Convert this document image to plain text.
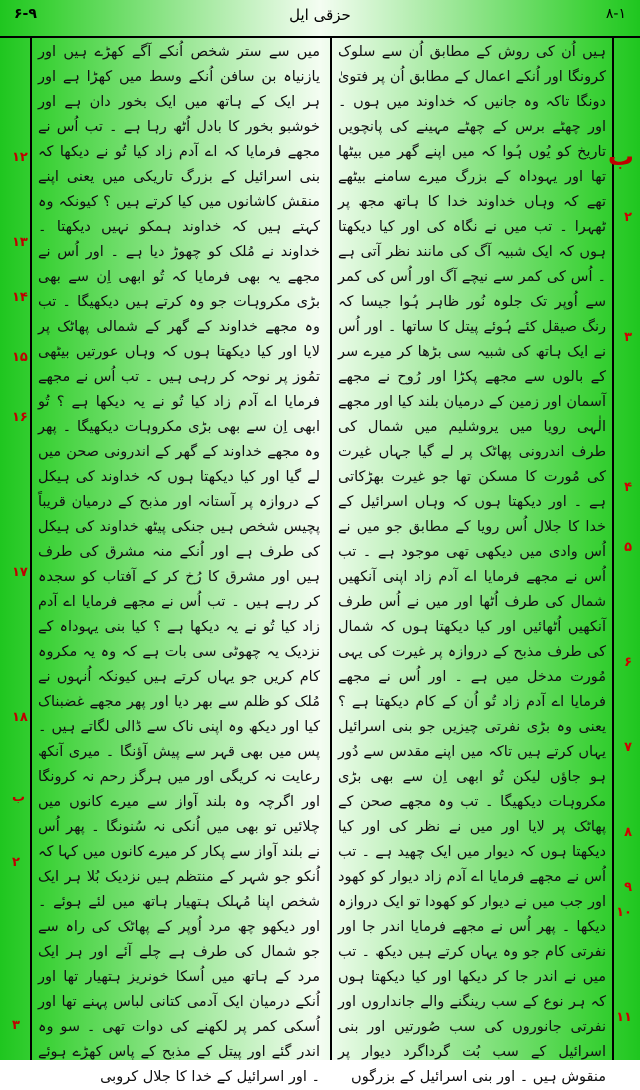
۶-۹	حزقی ایل	۸-۱
ب
۲
۳
۴
۵
۶
۷
۸
۹
۱۰
۱۱
۱۲
۱۳
۱۴
۱۵
۱۶
۱۷
۱۸
ب
۲
۳

ہیں اُن کی روش کے مطابق اُن سے سلوک کرونگا اور اُنکے اعمال کے مطابق اُن پر فتویٰ دونگا تاکہ وہ جانیں کہ خداوند میں ہوں ۔ اور چھٹے برس کے چھٹے مہینے کی پانچویں تاریخ کو یُوں ہُوا کہ میں اپنے گھر میں بیٹھا تھا اور یہوداہ کے بزرگ میرے سامنے بیٹھے تھے کہ وہاں خداوند خدا کا ہاتھ مجھ پر ٹھہرا ۔ تب میں نے نگاہ کی اور کیا دیکھتا ہوں کہ ایک شبیہ آگ کی مانند نظر آتی ہے ۔ اُس کی کمر سے نیچے آگ اور اُس کی کمر سے اُوپر تک جلوہ نُور ظاہر ہُوا جیسا کہ رنگ صیقل کئے ہُوئے پیتل کا ساتھا ۔ اور اُس نے ایک ہاتھ کی شبیہ سی بڑھا کر میرے سر کے بالوں سے مجھے پکڑا اور رُوح نے مجھے آسمان اور زمین کے درمیان بلند کیا اور مجھے الٰہی رویا میں یروشلیم میں شمال کی طرف اندرونی پھاٹک پر لے گیا جہاں غیرت کی مُورت کا مسکن تھا جو غیرت بھڑکاتی ہے ۔ اور دیکھتا ہوں کہ وہاں اسرائیل کے خدا کا جلال اُس رویا کے مطابق جو میں نے اُس وادی میں دیکھی تھی موجود ہے ۔ تب اُس نے مجھے فرمایا اے آدم زاد اپنی آنکھیں شمال کی طرف اُٹھا اور میں نے اُس طرف آنکھیں اُٹھائیں اور کیا دیکھتا ہوں کہ شمال کی طرف مذبح کے دروازہ پر غیرت کی یہی مُورت مدخل میں ہے ۔ اور اُس نے مجھے فرمایا اے آدم زاد تُو اُن کے کام دیکھتا ہے ؟ یعنی وہ بڑی نفرتی چیزیں جو بنی اسرائیل یہاں کرتے ہیں تاکہ میں اپنے مقدس سے دُور ہو جاؤں لیکن تُو ابھی اِن سے بھی بڑی مکروہات دیکھیگا ۔ تب وہ مجھے صحن کے پھاٹک پر لایا اور میں نے نظر کی اور کیا دیکھتا ہوں کہ دیوار میں ایک چھید ہے ۔ تب اُس نے مجھے فرمایا اے آدم زاد دیوار کو کھود اور جب میں نے دیوار کو کھودا تو ایک دروازہ دیکھا ۔ پھر اُس نے مجھے فرمایا اندر جا اور نفرتی کام جو وہ یہاں کرتے ہیں دیکھ ۔ تب میں نے اندر جا کر دیکھا اور کیا دیکھتا ہوں کہ ہر نوع کے سب رینگنے والے جانداروں اور نفرتی جانوروں کی سب صُورتیں اور بنی اسرائیل کے سب بُت گرداگرد دیوار پر منقوش ہیں ۔ اور بنی اسرائیل کے بزرگوں

میں سے ستر شخص اُنکے آگے کھڑے ہیں اور یازنیاہ بن سافن اُنکے وسط میں کھڑا ہے اور ہر ایک کے ہاتھ میں ایک بخور دان ہے اور خوشبو بخور کا بادل اُٹھ رہا ہے ۔ تب اُس نے مجھے فرمایا کہ اے آدم زاد کیا تُو نے دیکھا کہ بنی اسرائیل کے بزرگ تاریکی میں یعنی اپنے منقش کاشانوں میں کیا کرتے ہیں ؟ کیونکہ وہ کہتے ہیں کہ خداوند ہمکو نہیں دیکھتا ۔ خداوند نے مُلک کو چھوڑ دیا ہے ۔ اور اُس نے مجھے یہ بھی فرمایا کہ تُو ابھی اِن سے بھی بڑی مکروہات جو وہ کرتے ہیں دیکھیگا ۔ تب وہ مجھے خداوند کے گھر کے شمالی پھاٹک پر لایا اور کیا دیکھتا ہوں کہ وہاں عورتیں بیٹھی تمُوز پر نوحہ کر رہی ہیں ۔ تب اُس نے مجھے فرمایا اے آدم زاد کیا تُو نے یہ دیکھا ہے ؟ تُو ابھی اِن سے بھی بڑی مکروہات دیکھیگا ۔ پھر وہ مجھے خداوند کے گھر کے اندرونی صحن میں لے گیا اور کیا دیکھتا ہوں کہ خداوند کی ہیکل کے دروازہ پر آستانہ اور مذبح کے درمیان قریباً پچیس شخص ہیں جنکی پیٹھ خداوند کی ہیکل کی طرف ہے اور اُنکے منہ مشرق کی طرف ہیں اور مشرق کا رُخ کر کے آفتاب کو سجدہ کر رہے ہیں ۔ تب اُس نے مجھے فرمایا اے آدم زاد کیا تُو نے یہ دیکھا ہے ؟ کیا بنی یہوداہ کے نزدیک یہ چھوٹی سی بات ہے کہ وہ یہ مکروہ کام کریں جو یہاں کرتے ہیں کیونکہ اُنہوں نے مُلک کو ظلم سے بھر دیا اور پھر مجھے غضبناک کیا اور دیکھ وہ اپنی ناک سے ڈالی لگاتے ہیں ۔ پس میں بھی قہر سے پیش آؤنگا ۔ میری آنکھ رعایت نہ کریگی اور میں ہرگز رحم نہ کرونگا اور اگرچہ وہ بلند آواز سے میرے کانوں میں چلائیں تو بھی میں اُنکی نہ سُنونگا ۔ پھر اُس نے بلند آواز سے پکار کر میرے کانوں میں کہا کہ اُنکو جو شہر کے منتظم ہیں نزدیک بُلا ہر ایک شخص اپنا مُہلک ہتھیار ہاتھ میں لئے ہوئے ۔ اور دیکھو چھ مرد اُوپر کے پھاٹک کی راہ سے جو شمال کی طرف ہے چلے آئے اور ہر ایک مرد کے ہاتھ میں اُسکا خونریز ہتھیار تھا اور اُنکے درمیان ایک آدمی کتانی لباس پہنے تھا اور اُسکی کمر پر لکھنے کی دوات تھی ۔ سو وہ اندر گئے اور پیتل کے مذبح کے پاس کھڑے ہوئے ۔ اور اسرائیل کے خدا کا جلال کروبی
